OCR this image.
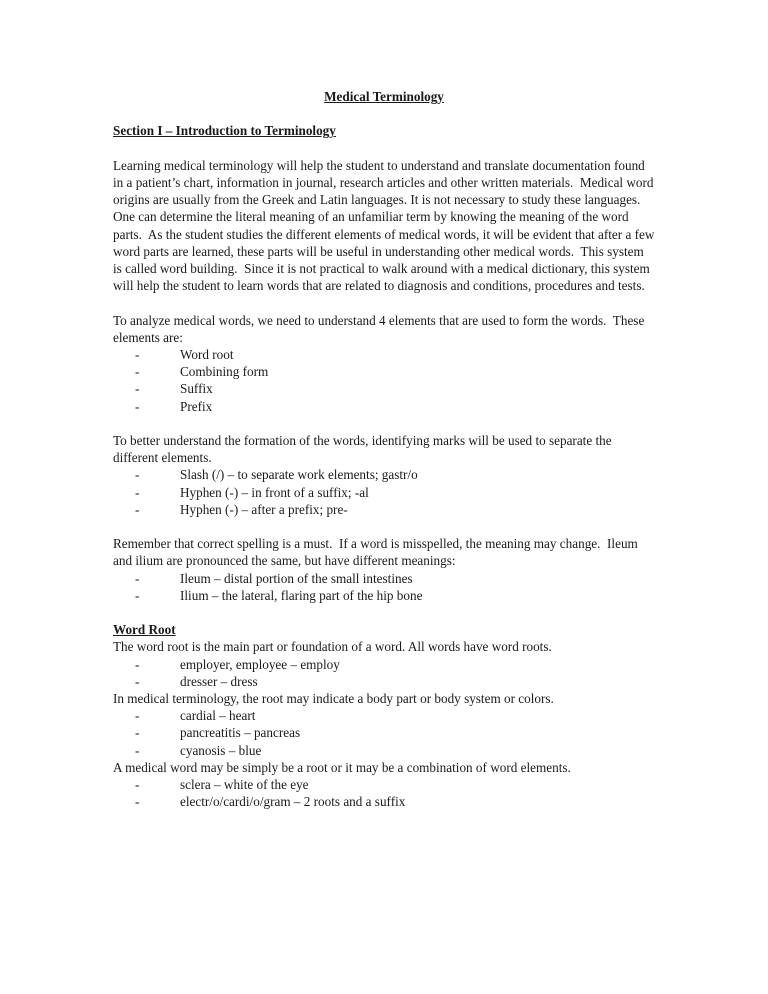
Medical Terminology
Section I – Introduction to Terminology

Learning medical terminology will help the student to understand and translate documentation found in a patient’s chart, information in journal, research articles and other written materials.  Medical word origins are usually from the Greek and Latin languages. It is not necessary to study these languages. One can determine the literal meaning of an unfamiliar term by knowing the meaning of the word parts.  As the student studies the different elements of medical words, it will be evident that after a few word parts are learned, these parts will be useful in understanding other medical words.  This system is called word building.  Since it is not practical to walk around with a medical dictionary, this system will help the student to learn words that are related to diagnosis and conditions, procedures and tests.

To analyze medical words, we need to understand 4 elements that are used to form the words.  These elements are:

-	Word root
-	Combining form
-	Suffix
-	Prefix

To better understand the formation of the words, identifying marks will be used to separate the different elements.

-	Slash (/) – to separate work elements; gastr/o
-	Hyphen (-) – in front of a suffix; -al
-	Hyphen (-) – after a prefix; pre-

Remember that correct spelling is a must.  If a word is misspelled, the meaning may change.  Ileum and ilium are pronounced the same, but have different meanings:

-	Ileum – distal portion of the small intestines
-	Ilium – the lateral, flaring part of the hip bone
Word Root

The word root is the main part or foundation of a word. All words have word roots.

-	employer, employee – employ
-	dresser – dress

In medical terminology, the root may indicate a body part or body system or colors.

-	cardial – heart
-	pancreatitis – pancreas
-	cyanosis – blue

A medical word may be simply be a root or it may be a combination of word elements.

-	sclera – white of the eye
-	electr/o/cardi/o/gram – 2 roots and a suffix
